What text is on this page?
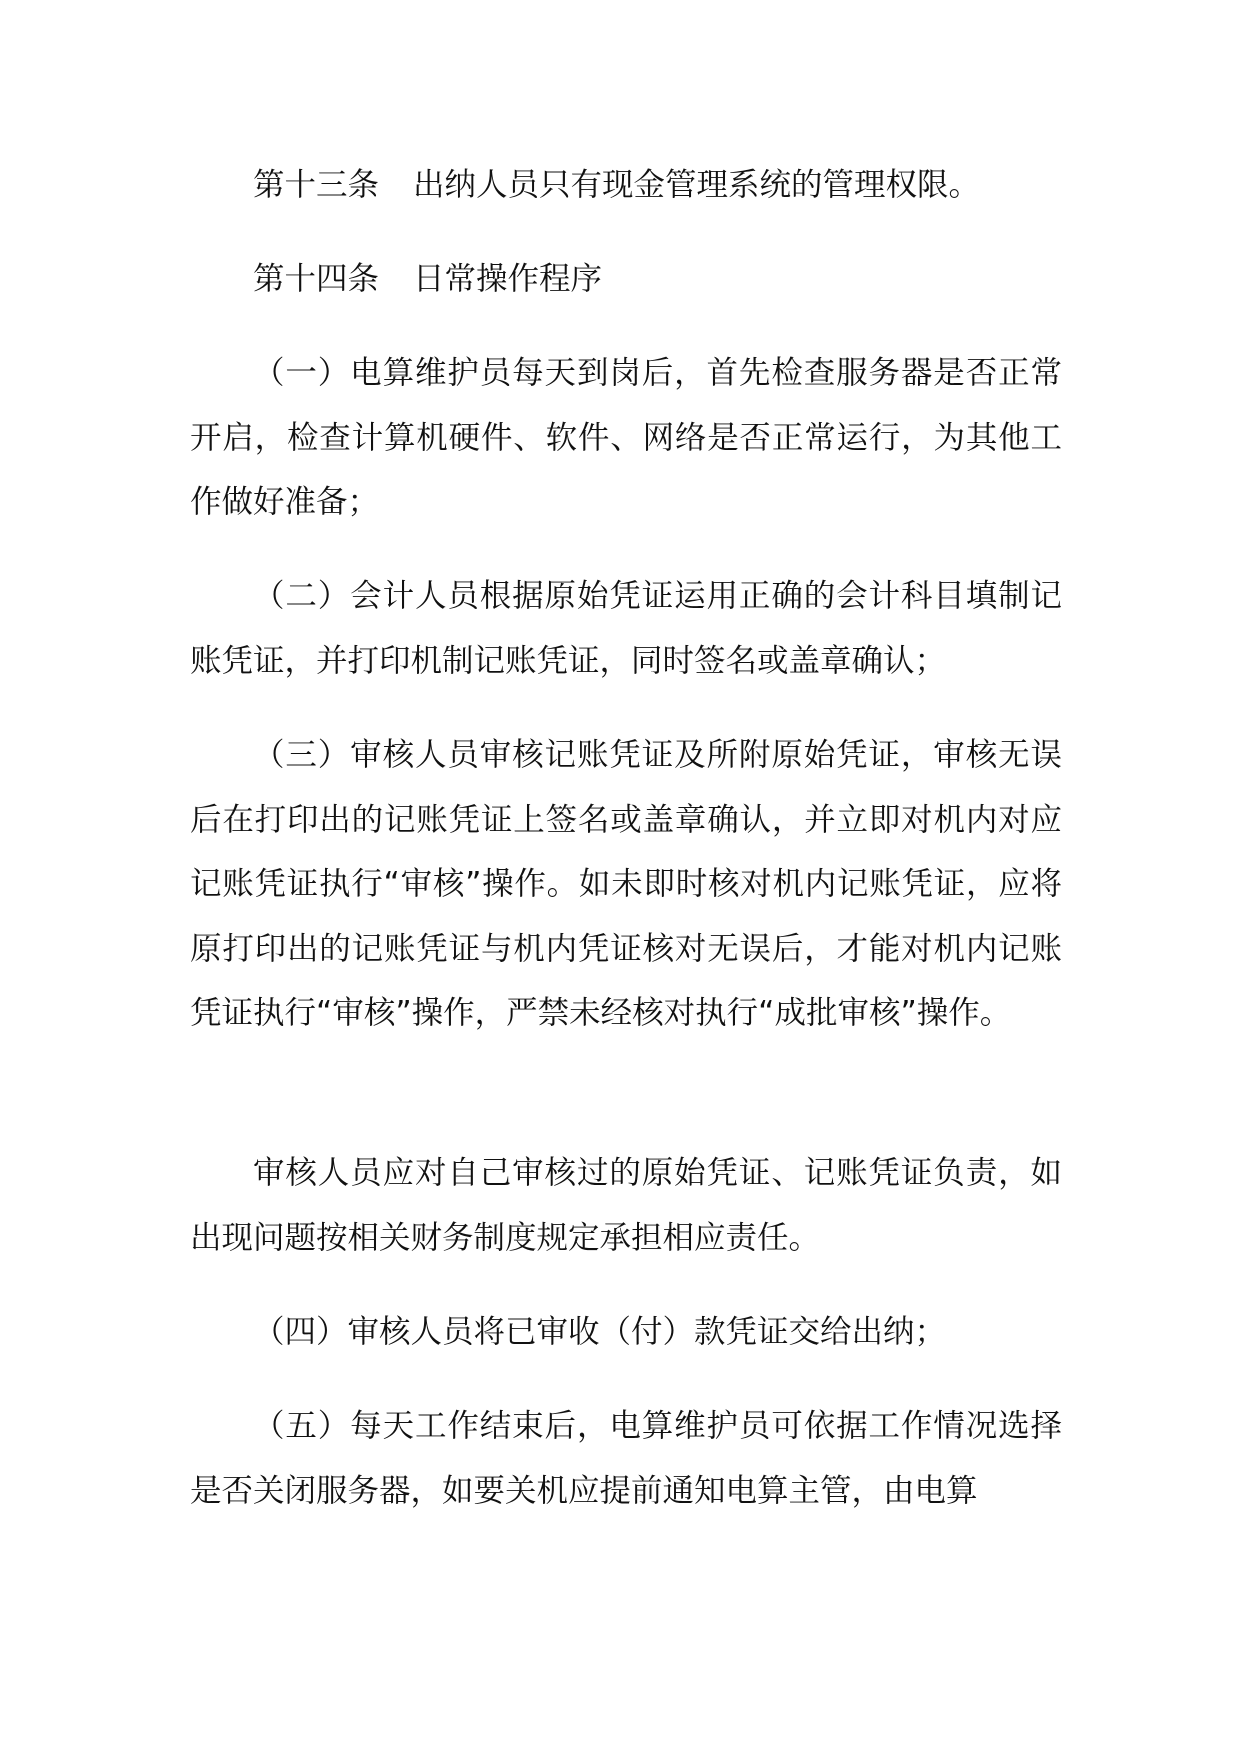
第十三条 出纳人员只有现金管理系统的管理权限。

第十四条 日常操作程序

（一）电算维护员每天到岗后，首先检查服务器是否正常开启，检查计算机硬件、软件、网络是否正常运行，为其他工作做好准备；

（二）会计人员根据原始凭证运用正确的会计科目填制记账凭证，并打印机制记账凭证，同时签名或盖章确认；

（三）审核人员审核记账凭证及所附原始凭证，审核无误后在打印出的记账凭证上签名或盖章确认，并立即对机内对应记账凭证执行“审核”操作。如未即时核对机内记账凭证，应将原打印出的记账凭证与机内凭证核对无误后，才能对机内记账凭证执行“审核”操作，严禁未经核对执行“成批审核”操作。

审核人员应对自己审核过的原始凭证、记账凭证负责，如出现问题按相关财务制度规定承担相应责任。

（四）审核人员将已审收（付）款凭证交给出纳；

（五）每天工作结束后，电算维护员可依据工作情况选择是否关闭服务器，如要关机应提前通知电算主管，由电算
